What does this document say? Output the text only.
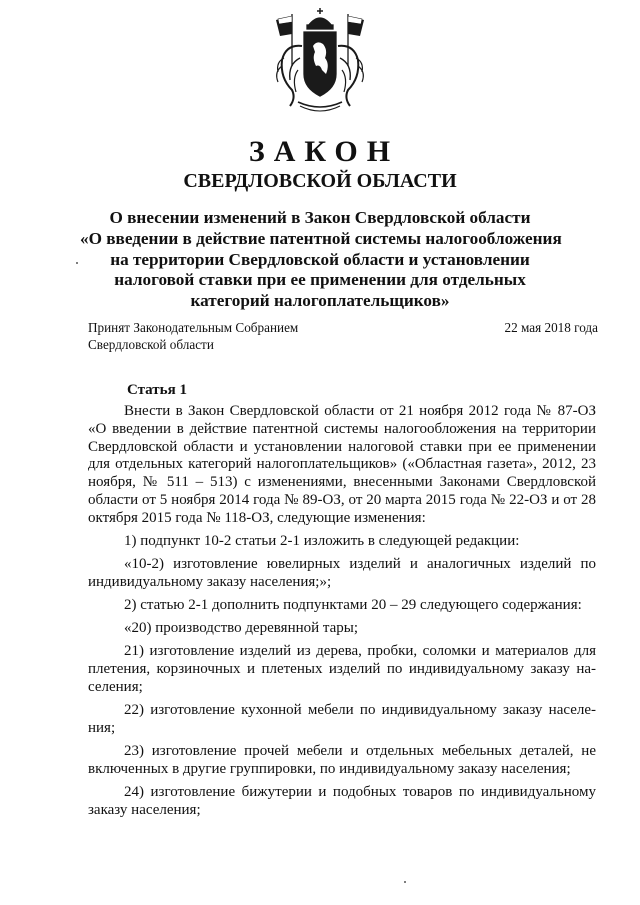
ЗАКОН
СВЕРДЛОВСКОЙ ОБЛАСТИ
О внесении изменений в Закон Свердловской области
«О введении в действие патентной системы налогообложения
на территории Свердловской области и установлении
налоговой ставки при ее применении для отдельных
категорий налогоплательщиков»
Принят Законодательным Собранием
Свердловской области
22 мая 2018 года
Статья 1

Внести в Закон Свердловской области от 21 ноября 2012 года № 87-ОЗ «О введении в действие патентной системы налогообложения на территории Свердловской области и установлении налоговой ставки при ее применении для отдельных категорий налогоплательщиков» («Областная газета», 2012, 23 ноября, № 511 – 513) с изменениями, внесенными Законами Свердловской области от 5 ноября 2014 года № 89-ОЗ, от 20 марта 2015 года № 22-ОЗ и от 28 октября 2015 года № 118-ОЗ, следующие изменения:

1) подпункт 10-2 статьи 2-1 изложить в следующей редакции:

«10-2) изготовление ювелирных изделий и аналогичных изделий по индивидуальному заказу населения;»;

2) статью 2-1 дополнить подпунктами 20 – 29 следующего содержания:

«20) производство деревянной тары;

21) изготовление изделий из дерева, пробки, соломки и материалов для плетения, корзиночных и плетеных изделий по индивидуальному заказу на-селения;

22) изготовление кухонной мебели по индивидуальному заказу населе-ния;

23) изготовление прочей мебели и отдельных мебельных деталей, не включенных в другие группировки, по индивидуальному заказу населения;

24) изготовление бижутерии и подобных товаров по индивидуальному заказу населения;
